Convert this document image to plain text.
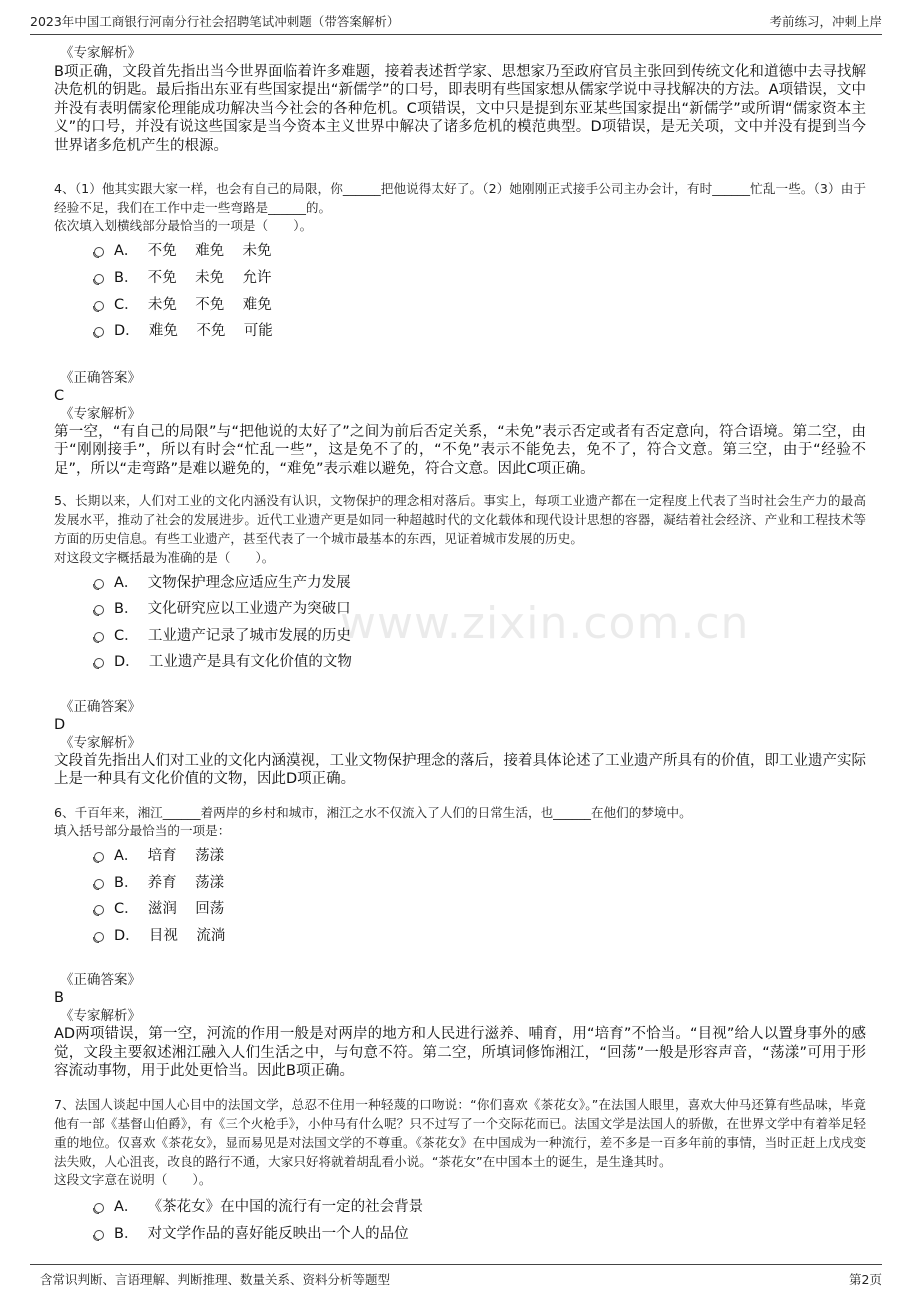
2023年中国工商银行河南分行社会招聘笔试冲刺题（带答案解析）	考前练习，冲刺上岸
www.zixin.com.cn
《专家解析》
B项正确，文段首先指出当今世界面临着许多难题，接着表述哲学家、思想家乃至政府官员主张回到传统文化和道德中去寻找解决危机的钥匙。最后指出东亚有些国家提出“新儒学”的口号，即表明有些国家想从儒家学说中寻找解决的方法。A项错误，文中并没有表明儒家伦理能成功解决当今社会的各种危机。C项错误，文中只是提到东亚某些国家提出“新儒学”或所谓“儒家资本主义”的口号，并没有说这些国家是当今资本主义世界中解决了诸多危机的模范典型。D项错误，是无关项，文中并没有提到当今世界诸多危机产生的根源。
4、（1）他其实跟大家一样，也会有自己的局限，你______把他说得太好了。（2）她刚刚正式接手公司主办会计，有时______忙乱一些。（3）由于经验不足，我们在工作中走一些弯路是______的。
依次填入划横线部分最恰当的一项是（　　）。
A．  不免    难免    未免
B．  不免    未免    允许
C．  未免    不免    难免
D．  难免    不免    可能
《正确答案》
C
《专家解析》
第一空，“有自己的局限”与“把他说的太好了”之间为前后否定关系，“未免”表示否定或者有否定意向，符合语境。第二空，由于“刚刚接手”，所以有时会“忙乱一些”，这是免不了的，“不免”表示不能免去，免不了，符合文意。第三空，由于“经验不足”，所以“走弯路”是难以避免的，“难免”表示难以避免，符合文意。因此C项正确。
5、长期以来，人们对工业的文化内涵没有认识，文物保护的理念相对落后。事实上，每项工业遗产都在一定程度上代表了当时社会生产力的最高发展水平，推动了社会的发展进步。近代工业遗产更是如同一种超越时代的文化载体和现代设计思想的容器，凝结着社会经济、产业和工程技术等方面的历史信息。有些工业遗产，甚至代表了一个城市最基本的东西，见证着城市发展的历史。
对这段文字概括最为准确的是（　　）。
A．  文物保护理念应适应生产力发展
B．  文化研究应以工业遗产为突破口
C．  工业遗产记录了城市发展的历史
D．  工业遗产是具有文化价值的文物
《正确答案》
D
《专家解析》
文段首先指出人们对工业的文化内涵漠视，工业文物保护理念的落后，接着具体论述了工业遗产所具有的价值，即工业遗产实际上是一种具有文化价值的文物，因此D项正确。
6、千百年来，湘江______着两岸的乡村和城市，湘江之水不仅流入了人们的日常生活，也______在他们的梦境中。
填入括号部分最恰当的一项是：
A．  培育    荡漾
B．  养育    荡漾
C．  滋润    回荡
D．  目视    流淌
《正确答案》
B
《专家解析》
AD两项错误，第一空，河流的作用一般是对两岸的地方和人民进行滋养、哺育，用“培育”不恰当。“目视”给人以置身事外的感觉，文段主要叙述湘江融入人们生活之中，与句意不符。第二空，所填词修饰湘江，“回荡”一般是形容声音，“荡漾”可用于形容流动事物，用于此处更恰当。因此B项正确。
7、法国人谈起中国人心目中的法国文学，总忍不住用一种轻蔑的口吻说：“你们喜欢《茶花女》。”在法国人眼里，喜欢大仲马还算有些品味，毕竟他有一部《基督山伯爵》，有《三个火枪手》，小仲马有什么呢？只不过写了一个交际花而已。法国文学是法国人的骄傲，在世界文学中有着举足轻重的地位。仅喜欢《茶花女》，显而易见是对法国文学的不尊重。《茶花女》在中国成为一种流行，差不多是一百多年前的事情，当时正赶上戊戌变法失败，人心沮丧，改良的路行不通，大家只好将就着胡乱看小说。“茶花女”在中国本土的诞生，是生逢其时。
这段文字意在说明（　　）。
A．  《茶花女》在中国的流行有一定的社会背景
B．  对文学作品的喜好能反映出一个人的品位
含常识判断、言语理解、判断推理、数量关系、资料分析等题型	第2页
